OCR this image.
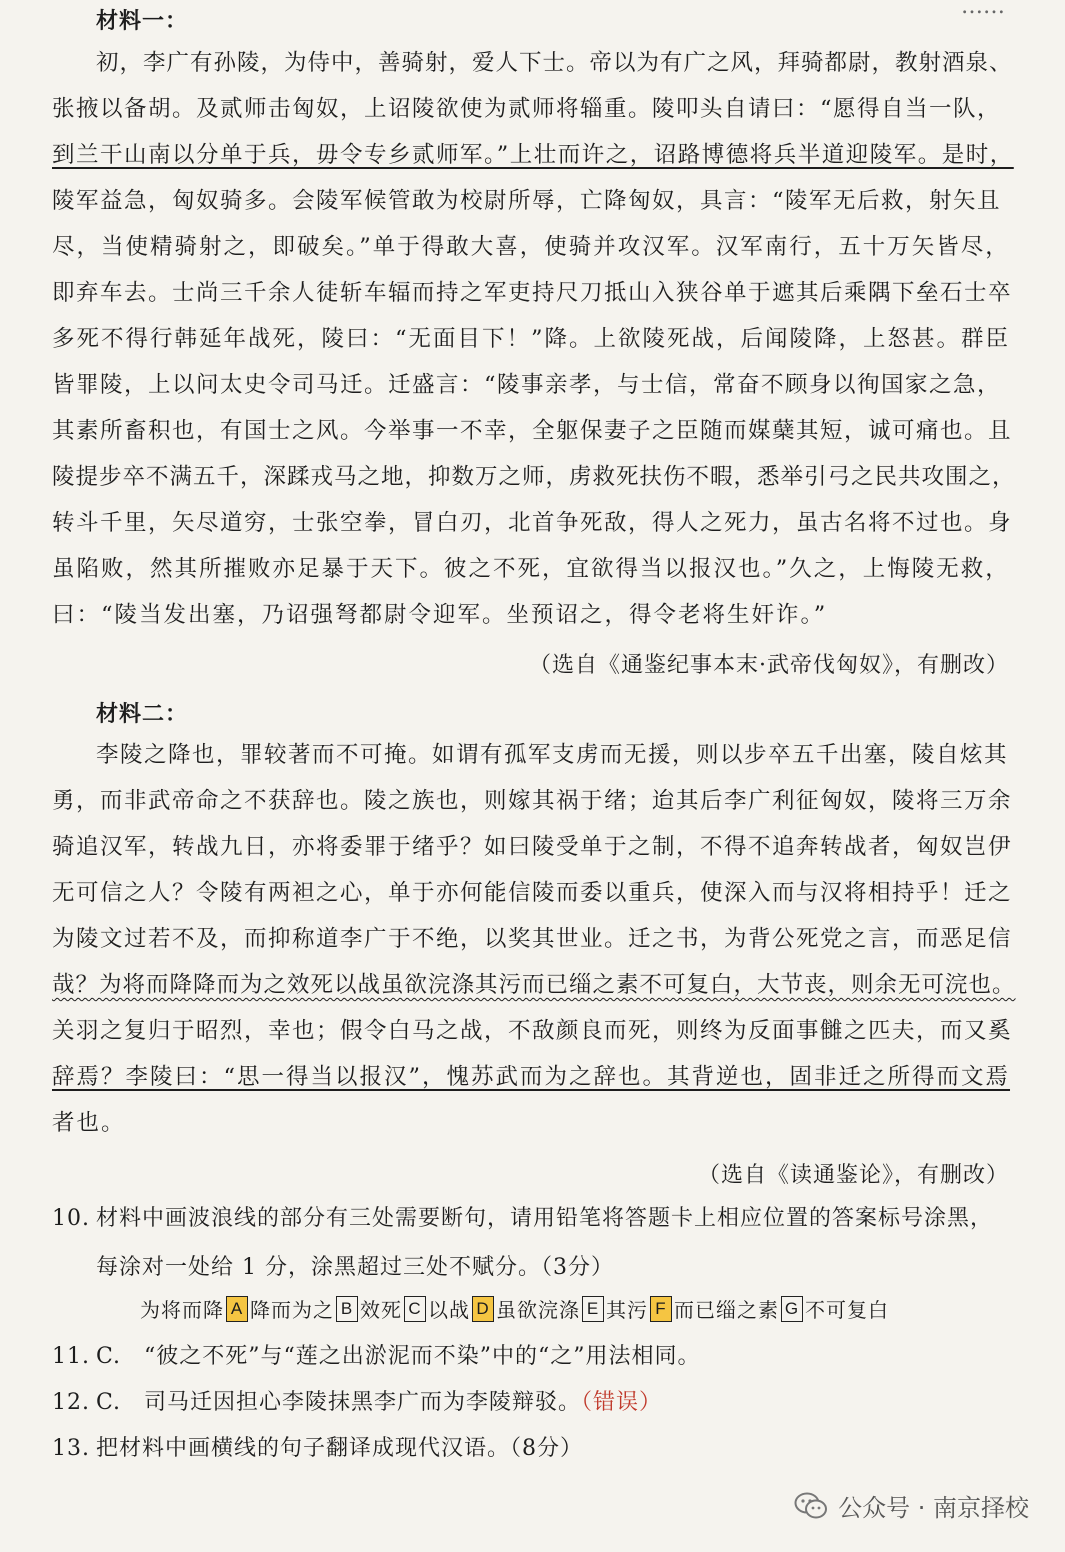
……
材料一：
初，李广有孙陵，为侍中，善骑射，爱人下士。帝以为有广之风，拜骑都尉，教射酒泉、
张掖以备胡。及贰师击匈奴，上诏陵欲使为贰师将辎重。陵叩头自请曰：“愿得自当一队，
到兰干山南以分单于兵，毋令专乡贰师军。”上壮而许之，诏路博德将兵半道迎陵军。是时，
陵军益急，匈奴骑多。会陵军候管敢为校尉所辱，亡降匈奴，具言：“陵军无后救，射矢且
尽，当使精骑射之，即破矣。”单于得敢大喜，使骑并攻汉军。汉军南行，五十万矢皆尽，
即弃车去。士尚三千余人徒斩车辐而持之军吏持尺刀抵山入狭谷单于遮其后乘隅下垒石士卒
多死不得行韩延年战死，陵曰：“无面目下！”降。上欲陵死战，后闻陵降，上怒甚。群臣
皆罪陵，上以问太史令司马迁。迁盛言：“陵事亲孝，与士信，常奋不顾身以徇国家之急，
其素所畜积也，有国士之风。今举事一不幸，全躯保妻子之臣随而媒蘖其短，诚可痛也。且
陵提步卒不满五千，深蹂戎马之地，抑数万之师，虏救死扶伤不暇，悉举引弓之民共攻围之，
转斗千里，矢尽道穷，士张空拳，冒白刃，北首争死敌，得人之死力，虽古名将不过也。身
虽陷败，然其所摧败亦足暴于天下。彼之不死，宜欲得当以报汉也。”久之，上悔陵无救，
曰：“陵当发出塞，乃诏强弩都尉令迎军。坐预诏之，得令老将生奸诈。”
（选自《通鉴纪事本末·武帝伐匈奴》，有删改）
材料二：
李陵之降也，罪较著而不可掩。如谓有孤军支虏而无援，则以步卒五千出塞，陵自炫其
勇，而非武帝命之不获辞也。陵之族也，则嫁其祸于绪；迨其后李广利征匈奴，陵将三万余
骑追汉军，转战九日，亦将委罪于绪乎？如曰陵受单于之制，不得不追奔转战者，匈奴岂伊
无可信之人？令陵有两袒之心，单于亦何能信陵而委以重兵，使深入而与汉将相持乎！迁之
为陵文过若不及，而抑称道李广于不绝，以奖其世业。迁之书，为背公死党之言，而恶足信
哉？为将而降降而为之效死以战虽欲浣涤其污而已缁之素不可复白，大节丧，则余无可浣也。
关羽之复归于昭烈，幸也；假令白马之战，不敌颜良而死，则终为反面事雠之匹夫，而又奚
辞焉？李陵曰：“思一得当以报汉”，愧苏武而为之辞也。其背逆也，固非迁之所得而文焉
者也。
（选自《读通鉴论》，有删改）
10. 材料中画波浪线的部分有三处需要断句，请用铅笔将答题卡上相应位置的答案标号涂黑，
每涂对一处给 1 分，涂黑超过三处不赋分。（3分）
为将而降 A 降而为之 B 效死 C 以战 D 虽欲浣涤 E 其污 F 而已缁之素 G 不可复白
11. C.　“彼之不死”与“莲之出淤泥而不染”中的“之”用法相同。
12. C.　司马迁因担心李陵抹黑李广而为李陵辩驳。（错误）
13. 把材料中画横线的句子翻译成现代汉语。（8分）
公众号 · 南京择校
